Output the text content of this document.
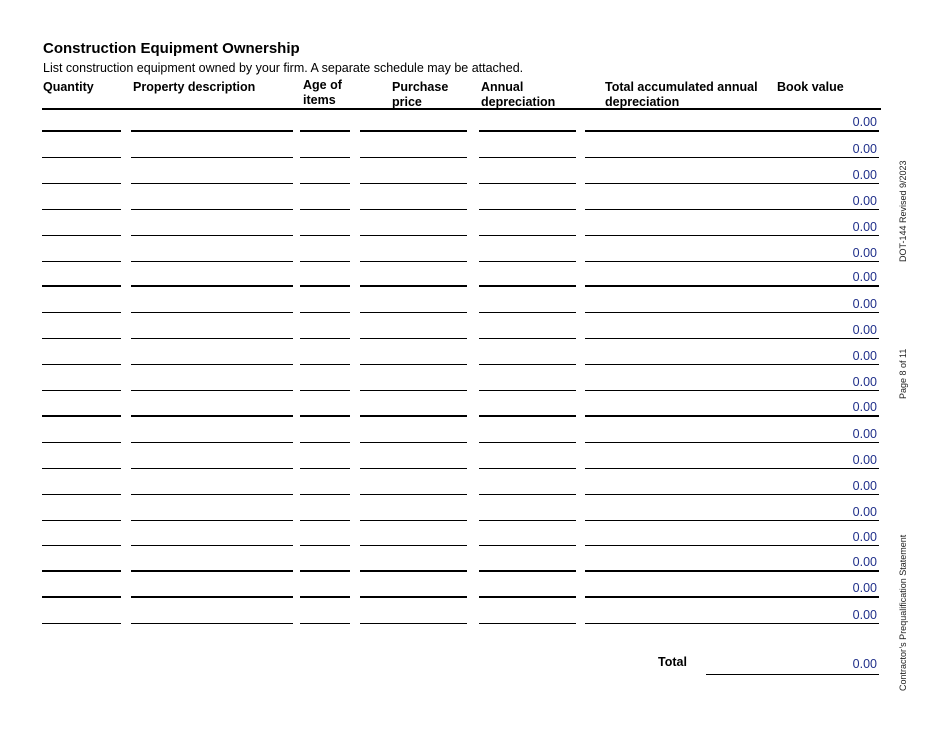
Construction Equipment Ownership
List construction equipment owned by your firm. A separate schedule may be attached.
Quantity	Property description	Age of
items
Purchase
price
Annual
depreciation
Total accumulated annual
depreciation
Book value
0.00
0.00
0.00
0.00
0.00
0.00
0.00
0.00
0.00
0.00
0.00
0.00
0.00
0.00
0.00
0.00
0.00
0.00
0.00
0.00
Total
0.00
DOT-144 Revised 9/2023
Page 8 of 11
Contractor’s Prequalification Statement
